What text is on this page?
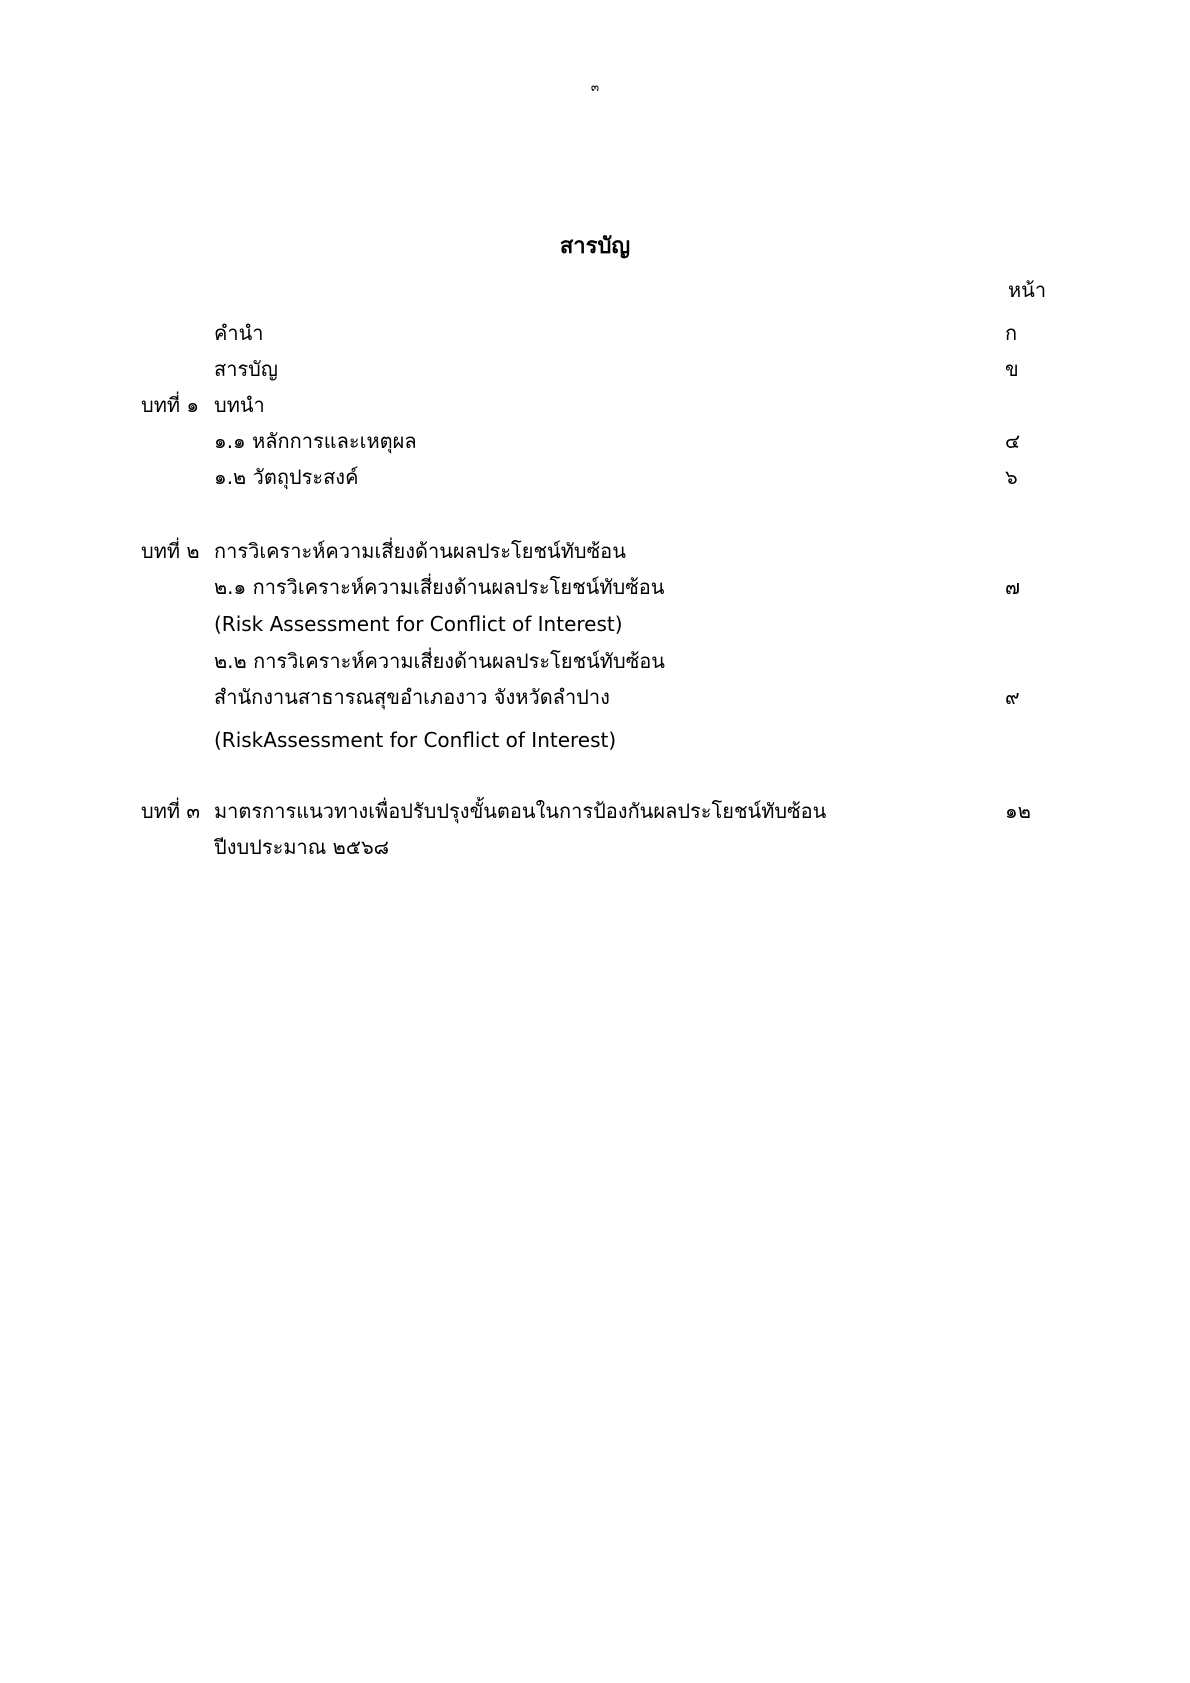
๓
สารบัญ
หน้า
คำนำ	ก
สารบัญ	ข
บทที่ ๑ บทนำ
๑.๑ หลักการและเหตุผล	๔
๑.๒ วัตถุประสงค์	๖
บทที่ ๒ การวิเคราะห์ความเสี่ยงด้านผลประโยชน์ทับซ้อน
๒.๑ การวิเคราะห์ความเสี่ยงด้านผลประโยชน์ทับซ้อน	๗
(Risk Assessment for Conflict of Interest)
๒.๒ การวิเคราะห์ความเสี่ยงด้านผลประโยชน์ทับซ้อน
สำนักงานสาธารณสุขอำเภองาว จังหวัดลำปาง	๙
(RiskAssessment for Conflict of Interest)
บทที่ ๓ มาตรการแนวทางเพื่อปรับปรุงขั้นตอนในการป้องกันผลประโยชน์ทับซ้อน	๑๒
ปีงบประมาณ ๒๕๖๘
